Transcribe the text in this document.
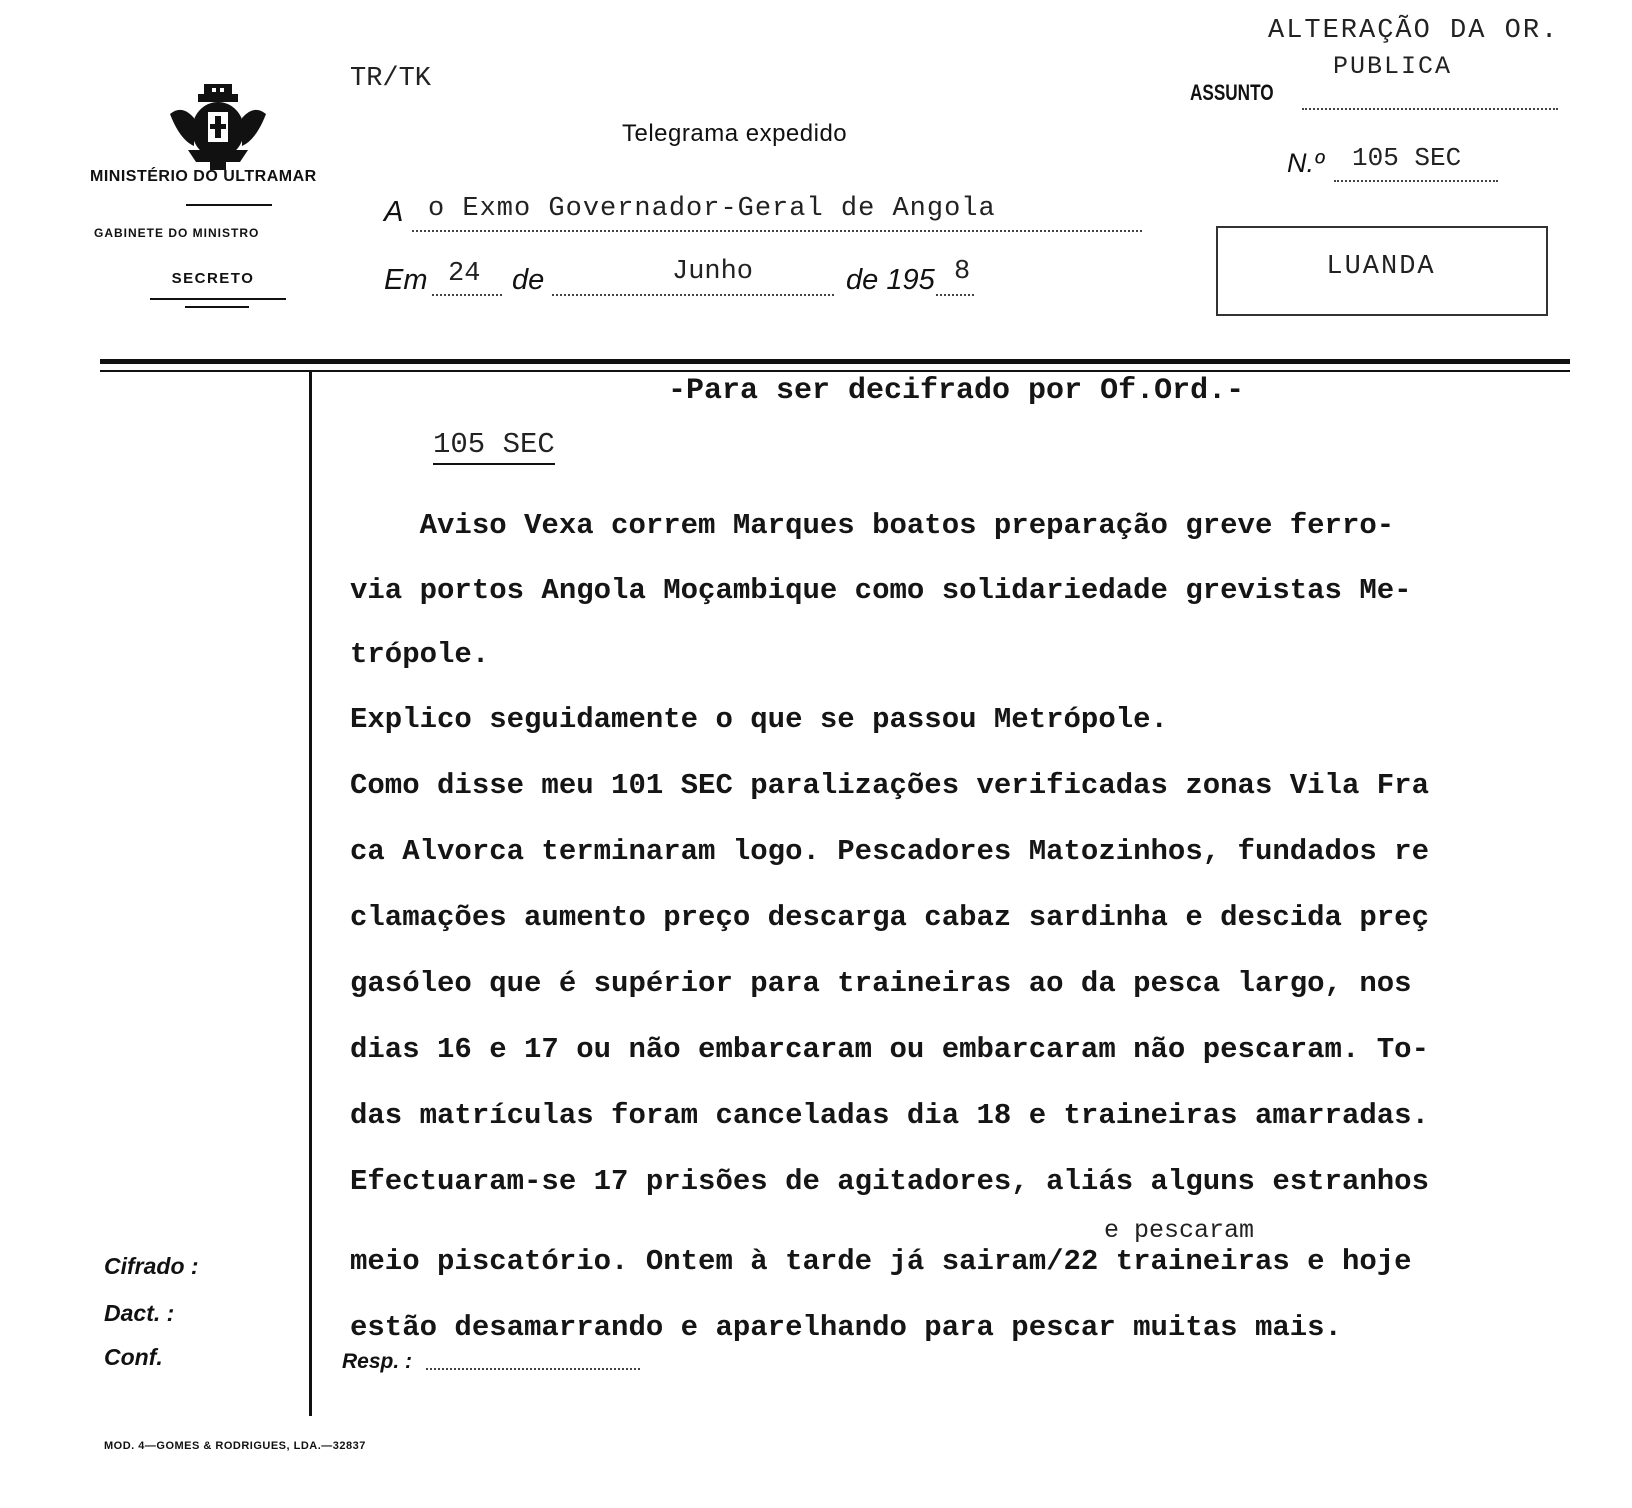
MINISTÉRIO DO ULTRAMAR
GABINETE DO MINISTRO
SECRETO
TR/TK
Telegrama expedido
ALTERAÇÃO DA OR.
PUBLICA
ASSUNTO
N.º 105 SEC
A o Exmo Governador-Geral de Angola
Em 24 de	Junho	de 195 8	LUANDA
-Para ser decifrado por Of.Ord.-
105 SEC
Aviso Vexa correm Marques boatos preparação greve ferro-
via portos Angola Moçambique como solidariedade grevistas Me-
trópole.
Explico seguidamente o que se passou Metrópole.
Como disse meu 101 SEC paralizações verificadas zonas Vila Fra
ca Alvorca terminaram logo. Pescadores Matozinhos, fundados re
clamações aumento preço descarga cabaz sardinha e descida preç
gasóleo que é supérior para traineiras ao da pesca largo, nos
dias 16 e 17 ou não embarcaram ou embarcaram não pescaram. To-
das matrículas foram canceladas dia 18 e traineiras amarradas.
Efectuaram-se 17 prisões de agitadores, aliás alguns estranhos
e pescaram
meio piscatório. Ontem à tarde já sairam/22 traineiras e hoje
estão desamarrando e aparelhando para pescar muitas mais.
Cifrado :
Dact. :
Conf.	Resp. :
MOD. 4—GOMES & RODRIGUES, LDA.—32837
